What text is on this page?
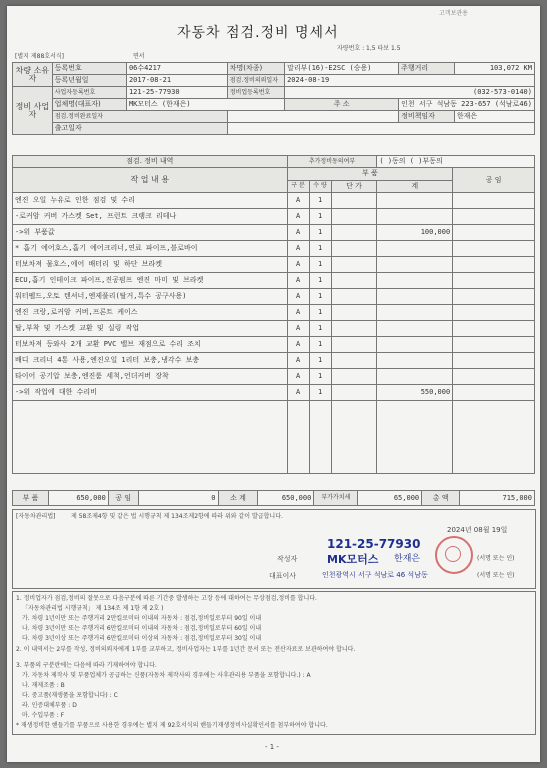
고객보관용
자동차 점검.정비 명세서
자량번호 : 1,5 타보 1.5
[별지 제88호서식]	면서
차량 소유자	등록번호	06수4217	차명(차종)	말리부(16)-E2SC (승용)	주행거리	103,072 KM
	등록년월일	2017-08-21	점검.정비의뢰일자	2024-08-19		
정비 사업자	사업자등록번호	121-25-77930	정비업등록번호	(032-573-0140)		
	업체명(대표자)	MK모터스 (한재은)		주 소	인천 서구 석남동 223-657 (석남로46)	
	점검.정비완료일자				정비책임자	한재은
	출고일자					
점검. 정비 내역	추가정비동의여부			( )동의 ( )부동의	
작 업 내 용	부 품				공 임
	구 분	수 량	단 가	계	
엔진 오일 누유로 인한 점검 및 수리	A	1			
-로커암 커버 가스켓 Set, 프런트 크랭크 리테나	A	1			
->위 부품값	A	1		100,000	
* 흡기 에어호스,흡기 에어크리너,연료 파이프,블로바이	A	1			
터보차져 물호스,에어 배터리 및 하단 브라켓	A	1			
ECU,흡기 인테이크 파이프,진공펌프 엔진 마미 및 브라켓	A	1			
워터펠드,오토 텐셔너,엔제풀리(탈거,특수 공구사용)	A	1			
엔진 크랑,로커암 커버,프론트 케이스	A	1			
탈,부착 및 가스켓 교환 및 실링 작업	A	1			
터보차져 등와사 2개 교환 PVC 밸브 재점으로 수리 조치	A	1			
배디 크리너 4통 사용,엔진오일 1리터 보충,냉각수 보충	A	1			
타이어 공기압 보충,엔진룸 세척,언더커버 장착	A	1			
->위 작업에 대한 수리비	A	1		550,000	

부 품	650,000	공 임	0	소 계	650,000	부가가치세	65,000	총 액	715,000
[자동차관리법]	제 58조제4항 및 같은 법 시행규칙 제 134조제2항에 따라 위와 같이 발급합니다.
2024년 08월 19일
121-25-77930
작성자	MK모터스 한재은	(서명 또는 인)
대표이사	인천광역시 서구 석남로 46 석남동	(서명 또는 인)
1. 정비업자가 점검,정비의 잘못으로 다음구분에 따른 기간중 발생하는 고장 등에 대하여는 무상점검,정비를 합니다.
「자동차관리법 시행규칙」 제 134조 제 1항 제 2호 )
가. 차령 1년이만 또는 주행거리 2만킬로미터 이내의 자동차 : 점검,정비일로부터 90일 이내
나. 차령 3년이만 또는 주행거리 6만킬로미터 이내의 자동차 : 점검,정비일로부터 60일 이내
다. 차령 3년이상 또는 주행거리 6만킬로미터 이상의 자동차 : 점검,정비일로부터 30일 이내
2. 이 내역서는 2부를 작성, 정비의뢰자에게 1부를 교부하고, 정비사업자는 1부를 1년간 문서 또는 전산자료로 보관하여야 합니다.
3. 부품의 구분란에는 다음에 따라 기재하여야 합니다.
가. 자동차 제작사 및 부품업체가 공급하는 신품(자동차 제작사의 경우에는 사후관리용 부품을 포함합니다.) : A
나. 재제조품 : B
다. 중고품(재생품을 포함합니다) : C
라. 인증대체부품 : D
마. 수입부품 : F
* 재생정비한 핸들기를 부품으로 사용한 경우에는 별지 제 92호서식의 핸들기재생정비사실확인서를 첨부하여야 합니다.
- 1 -
